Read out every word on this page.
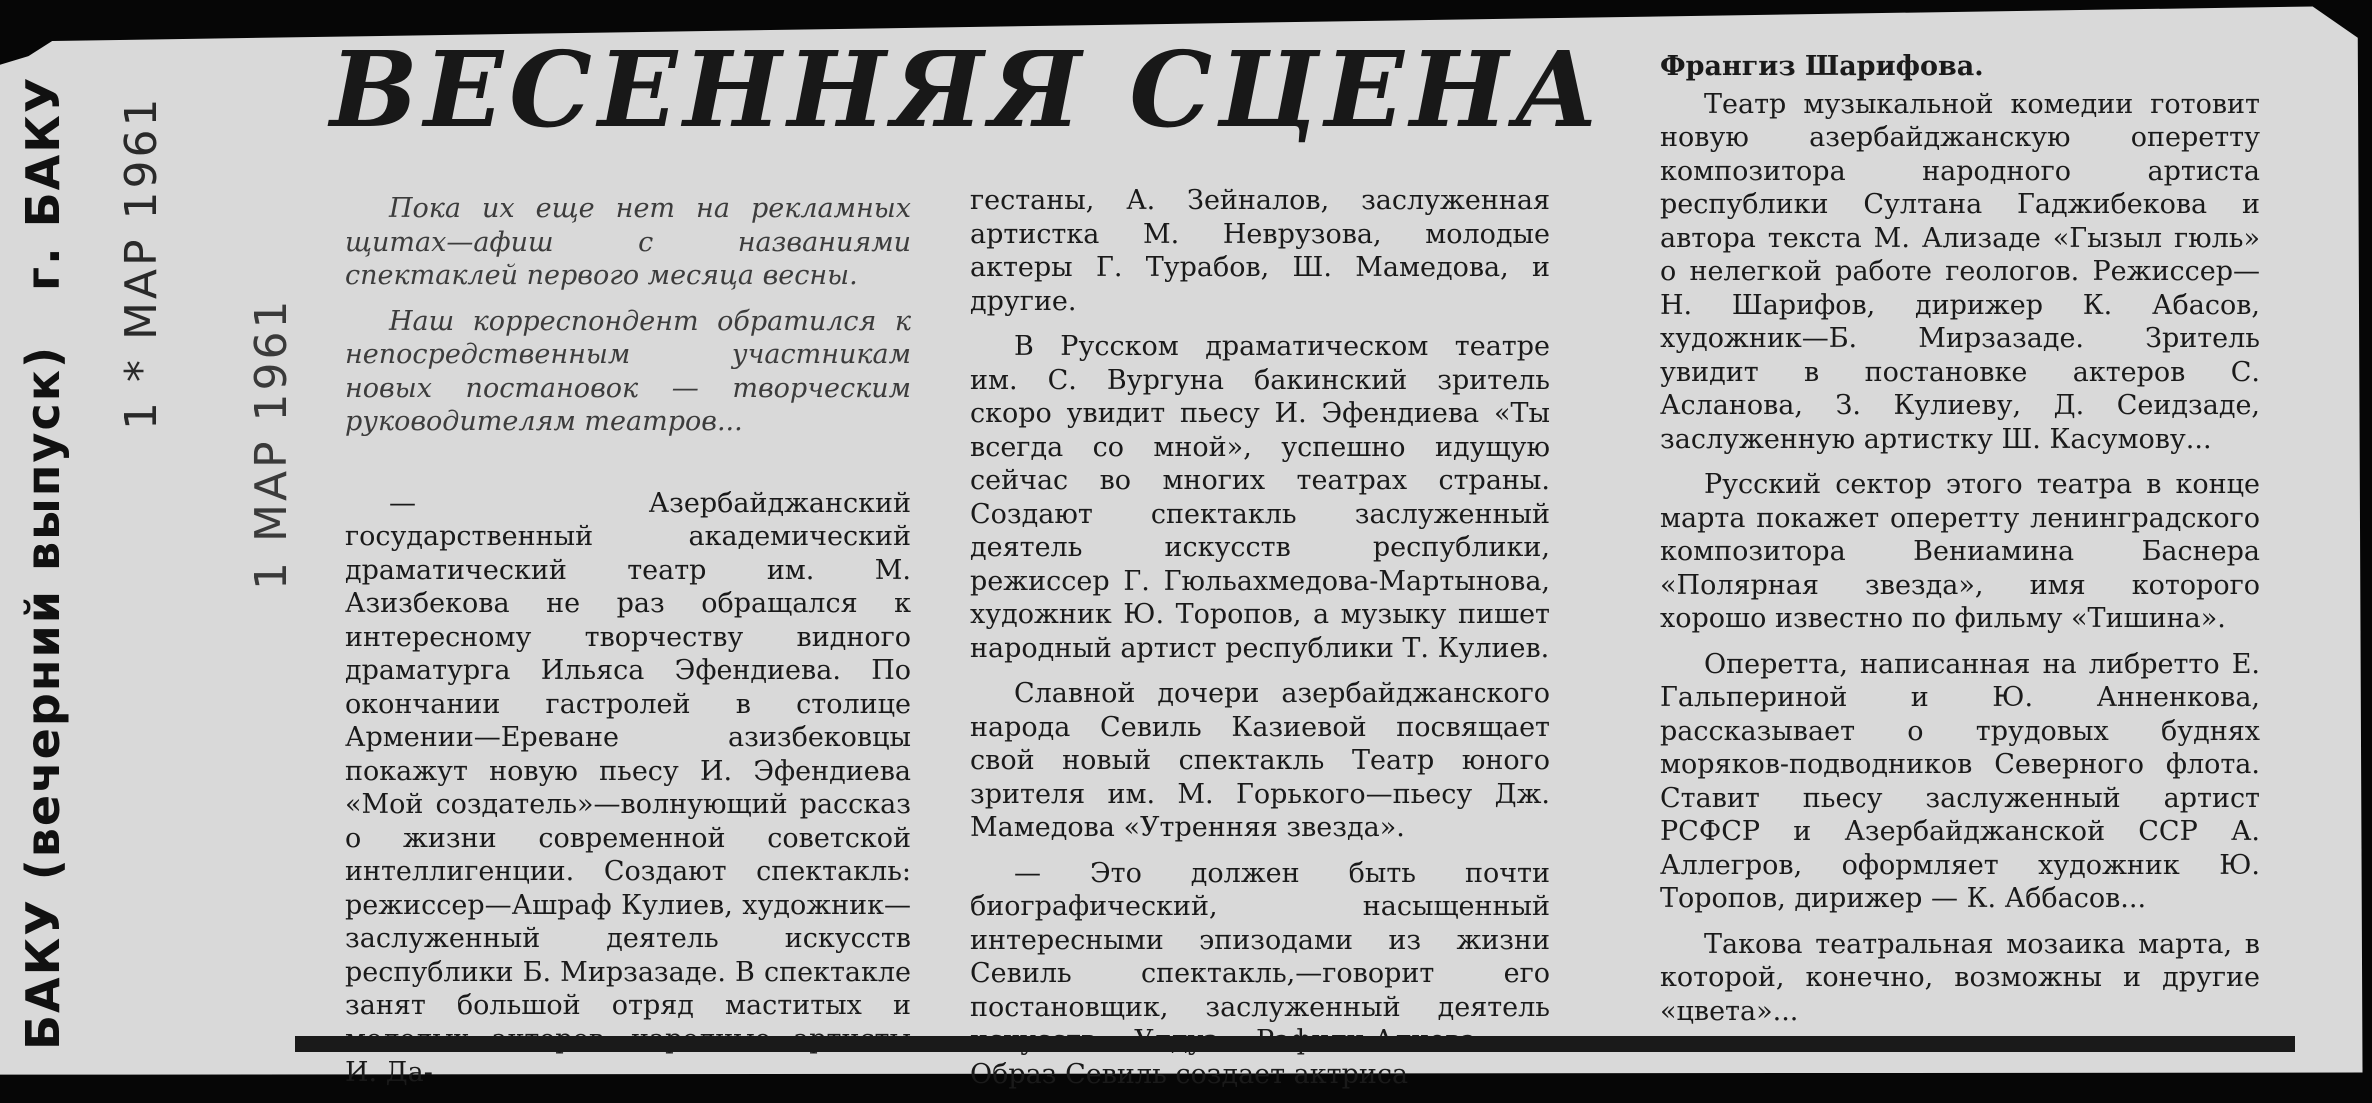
БАКУ (вечерний выпуск) г. БАКУ 1 * МАР 1961
1 МАР 1961
ВЕСЕННЯЯ СЦЕНА

Пока их еще нет на рекламных щитах—афиш с названиями спектаклей первого месяца весны.

Наш корреспондент обратился к непосредственным участникам новых постановок — творческим руководителям театров...

— Азербайджанский государственный академический драматический театр им. М. Азизбекова не раз обращался к интересному творчеству видного драматурга Ильяса Эфендиева. По окончании гастролей в столице Армении—Ереване азизбековцы покажут новую пьесу И. Эфендиева «Мой создатель»—волнующий рассказ о жизни современной советской интеллигенции. Создают спектакль: режиссер—Ашраф Кулиев, художник—заслуженный деятель искусств республики Б. Мирзазаде. В спектакле занят большой отряд маститых и И. Да-

гестаны, А. Зейналов, заслуженная артистка М. Неврузова, молодые актеры Г. Турабов, Ш. Мамедова, и другие.

В Русском драматическом театре им. С. Вургуна бакинский зритель скоро увидит пьесу И. Эфендиева «Ты всегда со мной», успешно идущую сейчас во многих театрах страны. Создают спектакль заслуженный деятель искусств республики, режиссер Г. Гюльахмедова-Мартынова, художник Ю. Торопов, а музыку пишет народный артист республики Т. Кулиев.

Славной дочери азербайджанского народа Севиль Казиевой посвящает свой новый спектакль Театр юного зрителя им. М. Горького—пьесу Дж. Мамедова «Утренняя звезда».

— Это должен быть почти биографический, насыщенный интересными эпизодами из жизни Севиль спектакль,—говорит его постановщик, заслуженный деятель Образ Севиль создает актриса

Франгиз Шарифова.

Театр музыкальной комедии готовит новую азербайджанскую оперетту композитора народного артиста республики Султана Гаджибекова и автора текста М. Ализаде «Гызыл гюль» о нелегкой работе геологов. Режиссер—Н. Шарифов, дирижер К. Абасов, художник—Б. Мирзазаде. Зритель увидит в постановке актеров С. Асланова, З. Кулиеву, Д. Сеидзаде, заслуженную артистку Ш. Касумову...

Русский сектор этого театра в конце марта покажет оперетту ленинградского композитора Вениамина Баснера «Полярная звезда», имя которого хорошо известно по фильму «Тишина».

Оперетта, написанная на либретто Е. Гальпериной и Ю. Анненкова, рассказывает о трудовых буднях моряков-подводников Северного флота. Ставит пьесу заслуженный артист РСФСР и Азербайджанской ССР А. Аллегров, оформляет художник Ю. Торопов, дирижер — К. Аббасов...

Такова театральная мозаика марта, в которой, конечно, возможны и другие «цвета»...
